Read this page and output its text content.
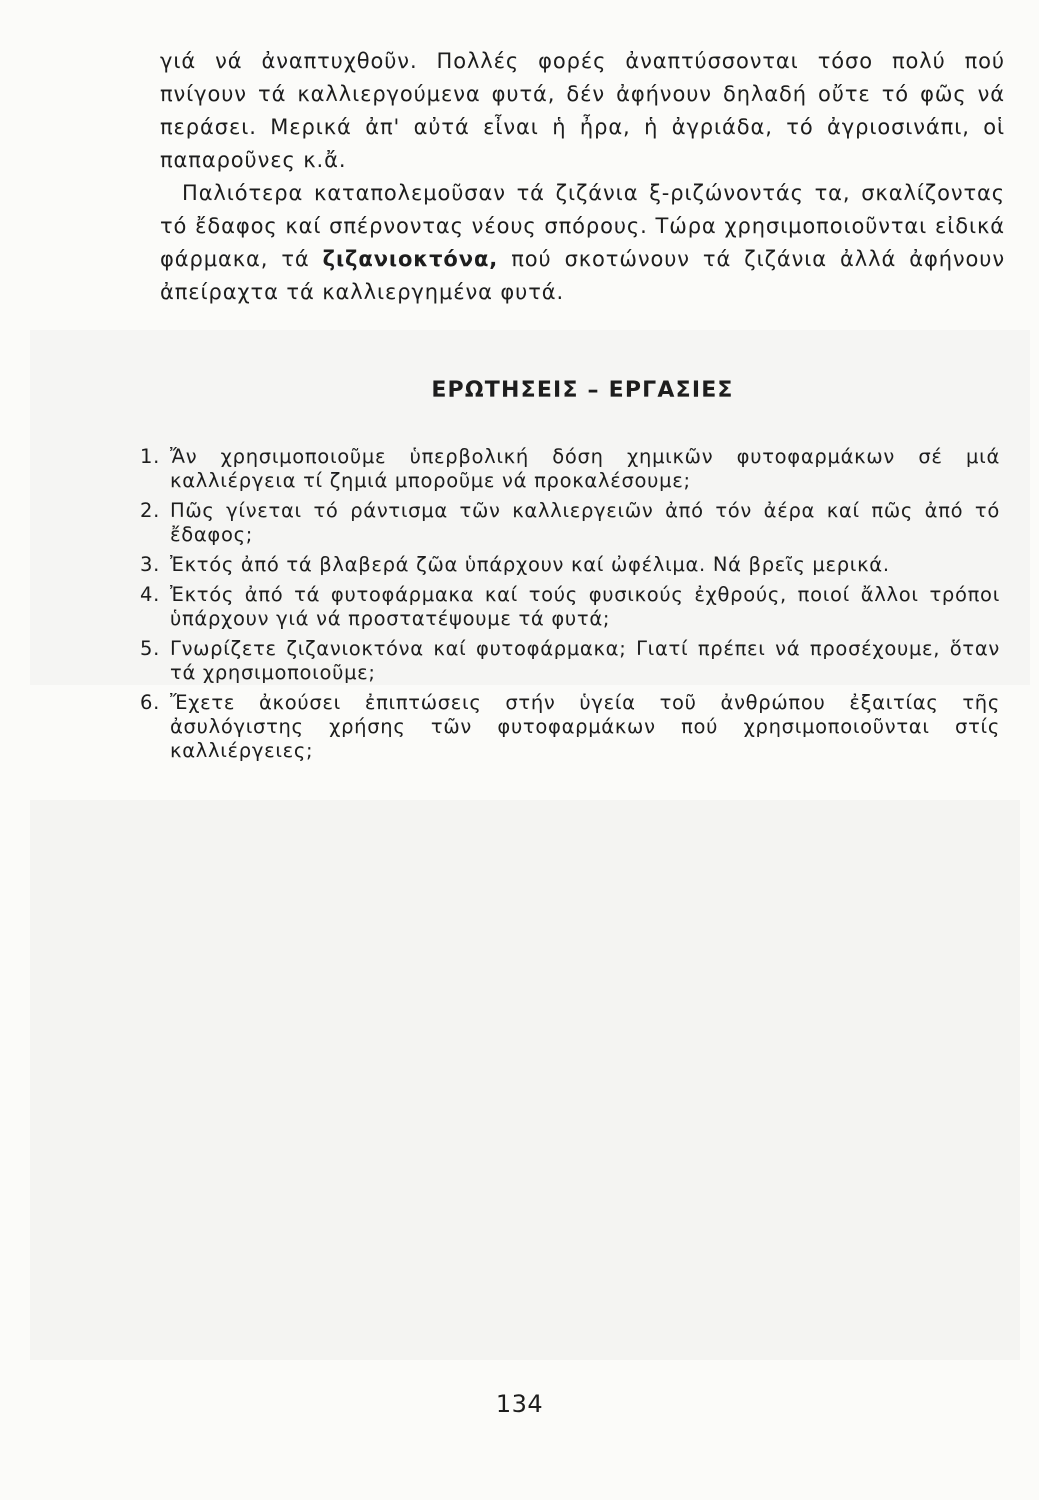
γιά νά ἀναπτυχθοῦν. Πολλές φορές ἀναπτύσσονται τόσο πολύ πού πνίγουν τά καλλιεργούμενα φυτά, δέν ἀφήνουν δηλαδή οὔτε τό φῶς νά περάσει. Μερικά ἀπ' αὐτά εἶναι ἡ ἦρα, ἡ ἀγριάδα, τό ἀγριοσινάπι, οἱ παπαροῦνες κ.ἄ.

Παλιότερα καταπολεμοῦσαν τά ζιζάνια ξ-ριζώνοντάς τα, σκαλίζοντας τό ἔδαφος καί σπέρνοντας νέους σπόρους. Τώρα χρησιμοποιοῦνται εἰδικά φάρμακα, τά ζιζανιοκτόνα, πού σκοτώνουν τά ζιζάνια ἀλλά ἀφήνουν ἀπείραχτα τά καλλιεργημένα φυτά.

ΕΡΩΤΗΣΕΙΣ – ΕΡΓΑΣΙΕΣ
1. Ἄν χρησιμοποιοῦμε ὑπερβολική δόση χημικῶν φυτοφαρμάκων σέ μιά καλλιέργεια τί ζημιά μποροῦμε νά προκαλέσουμε;
2. Πῶς γίνεται τό ράντισμα τῶν καλλιεργειῶν ἀπό τόν ἀέρα καί πῶς ἀπό τό ἔδαφος;
3. Ἐκτός ἀπό τά βλαβερά ζῶα ὑπάρχουν καί ὠφέλιμα. Νά βρεῖς μερικά.
4. Ἐκτός ἀπό τά φυτοφάρμακα καί τούς φυσικούς ἐχθρούς, ποιοί ἄλλοι τρόποι ὑπάρχουν γιά νά προστατέψουμε τά φυτά;
5. Γνωρίζετε ζιζανιοκτόνα καί φυτοφάρμακα; Γιατί πρέπει νά προσέχουμε, ὅταν τά χρησιμοποιοῦμε;
6. Ἔχετε ἀκούσει ἐπιπτώσεις στήν ὑγεία τοῦ ἀνθρώπου ἐξαιτίας τῆς ἀσυλόγιστης χρήσης τῶν φυτοφαρμάκων πού χρησιμοποιοῦνται στίς καλλιέργειες;
134
